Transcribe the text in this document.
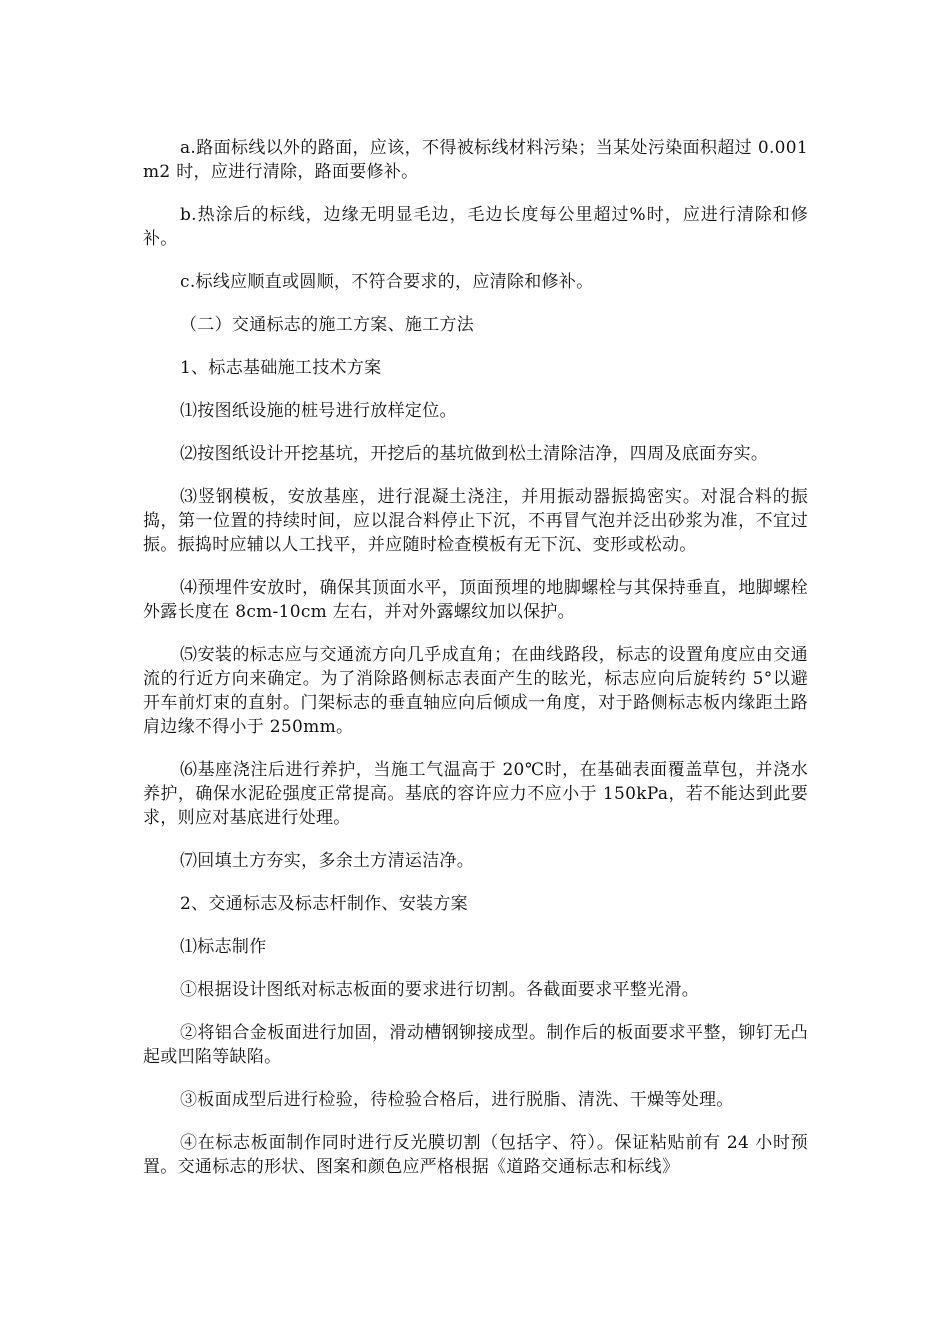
a.路面标线以外的路面，应该，不得被标线材料污染；当某处污染面积超过 0.001m2 时，应进行清除，路面要修补。

b.热涂后的标线，边缘无明显毛边，毛边长度每公里超过%时，应进行清除和修补。

c.标线应顺直或圆顺，不符合要求的，应清除和修补。

（二）交通标志的施工方案、施工方法

1、标志基础施工技术方案

⑴按图纸设施的桩号进行放样定位。

⑵按图纸设计开挖基坑，开挖后的基坑做到松土清除洁净，四周及底面夯实。

⑶竖钢模板，安放基座，进行混凝土浇注，并用振动器振捣密实。对混合料的振捣，第一位置的持续时间，应以混合料停止下沉，不再冒气泡并泛出砂浆为准，不宜过振。振捣时应辅以人工找平，并应随时检查模板有无下沉、变形或松动。

⑷预埋件安放时，确保其顶面水平，顶面预埋的地脚螺栓与其保持垂直，地脚螺栓外露长度在 8cm-10cm 左右，并对外露螺纹加以保护。

⑸安装的标志应与交通流方向几乎成直角；在曲线路段，标志的设置角度应由交通流的行近方向来确定。为了消除路侧标志表面产生的眩光，标志应向后旋转约 5°以避开车前灯束的直射。门架标志的垂直轴应向后倾成一角度，对于路侧标志板内缘距土路肩边缘不得小于 250mm。

⑹基座浇注后进行养护，当施工气温高于 20℃时，在基础表面覆盖草包，并浇水养护，确保水泥砼强度正常提高。基底的容许应力不应小于 150kPa，若不能达到此要求，则应对基底进行处理。

⑺回填土方夯实，多余土方清运洁净。

2、交通标志及标志杆制作、安装方案

⑴标志制作

①根据设计图纸对标志板面的要求进行切割。各截面要求平整光滑。

②将铝合金板面进行加固，滑动槽钢铆接成型。制作后的板面要求平整，铆钉无凸起或凹陷等缺陷。

③板面成型后进行检验，待检验合格后，进行脱脂、清洗、干燥等处理。

④在标志板面制作同时进行反光膜切割（包括字、符）。保证粘贴前有 24 小时预置。交通标志的形状、图案和颜色应严格根据《道路交通标志和标线》
